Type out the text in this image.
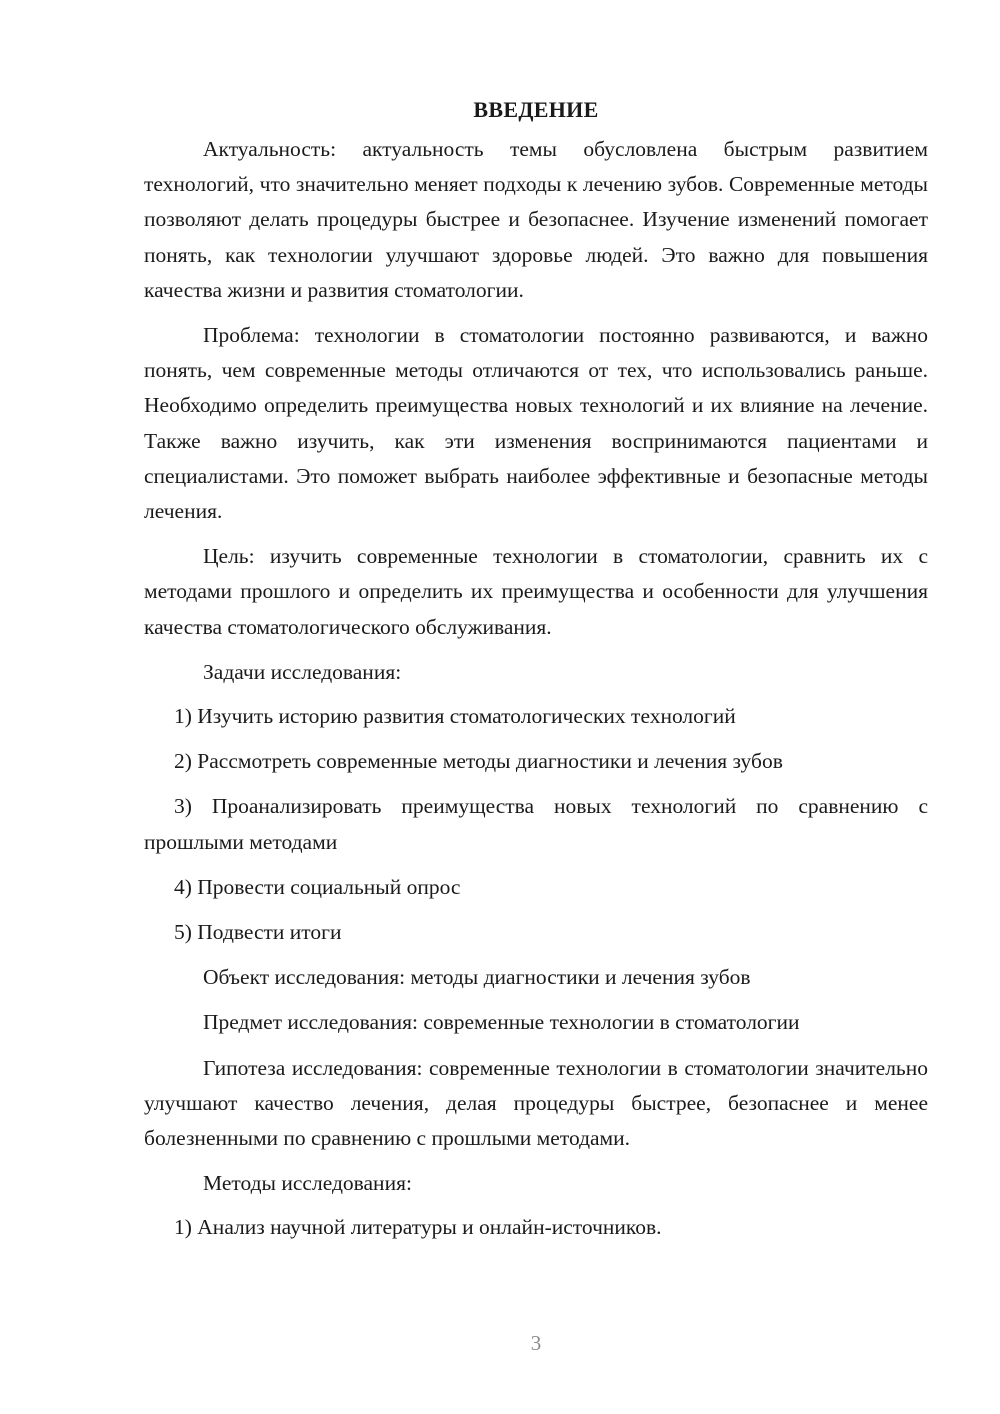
ВВЕДЕНИЕ

Актуальность: актуальность темы обусловлена быстрым развитием технологий, что значительно меняет подходы к лечению зубов. Современные методы позволяют делать процедуры быстрее и безопаснее. Изучение изменений помогает понять, как технологии улучшают здоровье людей. Это важно для повышения качества жизни и развития стоматологии.

Проблема: технологии в стоматологии постоянно развиваются, и важно понять, чем современные методы отличаются от тех, что использовались раньше. Необходимо определить преимущества новых технологий и их влияние на лечение. Также важно изучить, как эти изменения воспринимаются пациентами и специалистами. Это поможет выбрать наиболее эффективные и безопасные методы лечения.

Цель: изучить современные технологии в стоматологии, сравнить их с методами прошлого и определить их преимущества и особенности для улучшения качества стоматологического обслуживания.

Задачи исследования:

1) Изучить историю развития стоматологических технологий

2) Рассмотреть современные методы диагностики и лечения зубов

3) Проанализировать преимущества новых технологий по сравнению с прошлыми методами

4) Провести социальный опрос

5) Подвести итоги

Объект исследования: методы диагностики и лечения зубов

Предмет исследования: современные технологии в стоматологии

Гипотеза исследования: современные технологии в стоматологии значительно улучшают качество лечения, делая процедуры быстрее, безопаснее и менее болезненными по сравнению с прошлыми методами.

Методы исследования:

1) Анализ научной литературы и онлайн-источников.

3
